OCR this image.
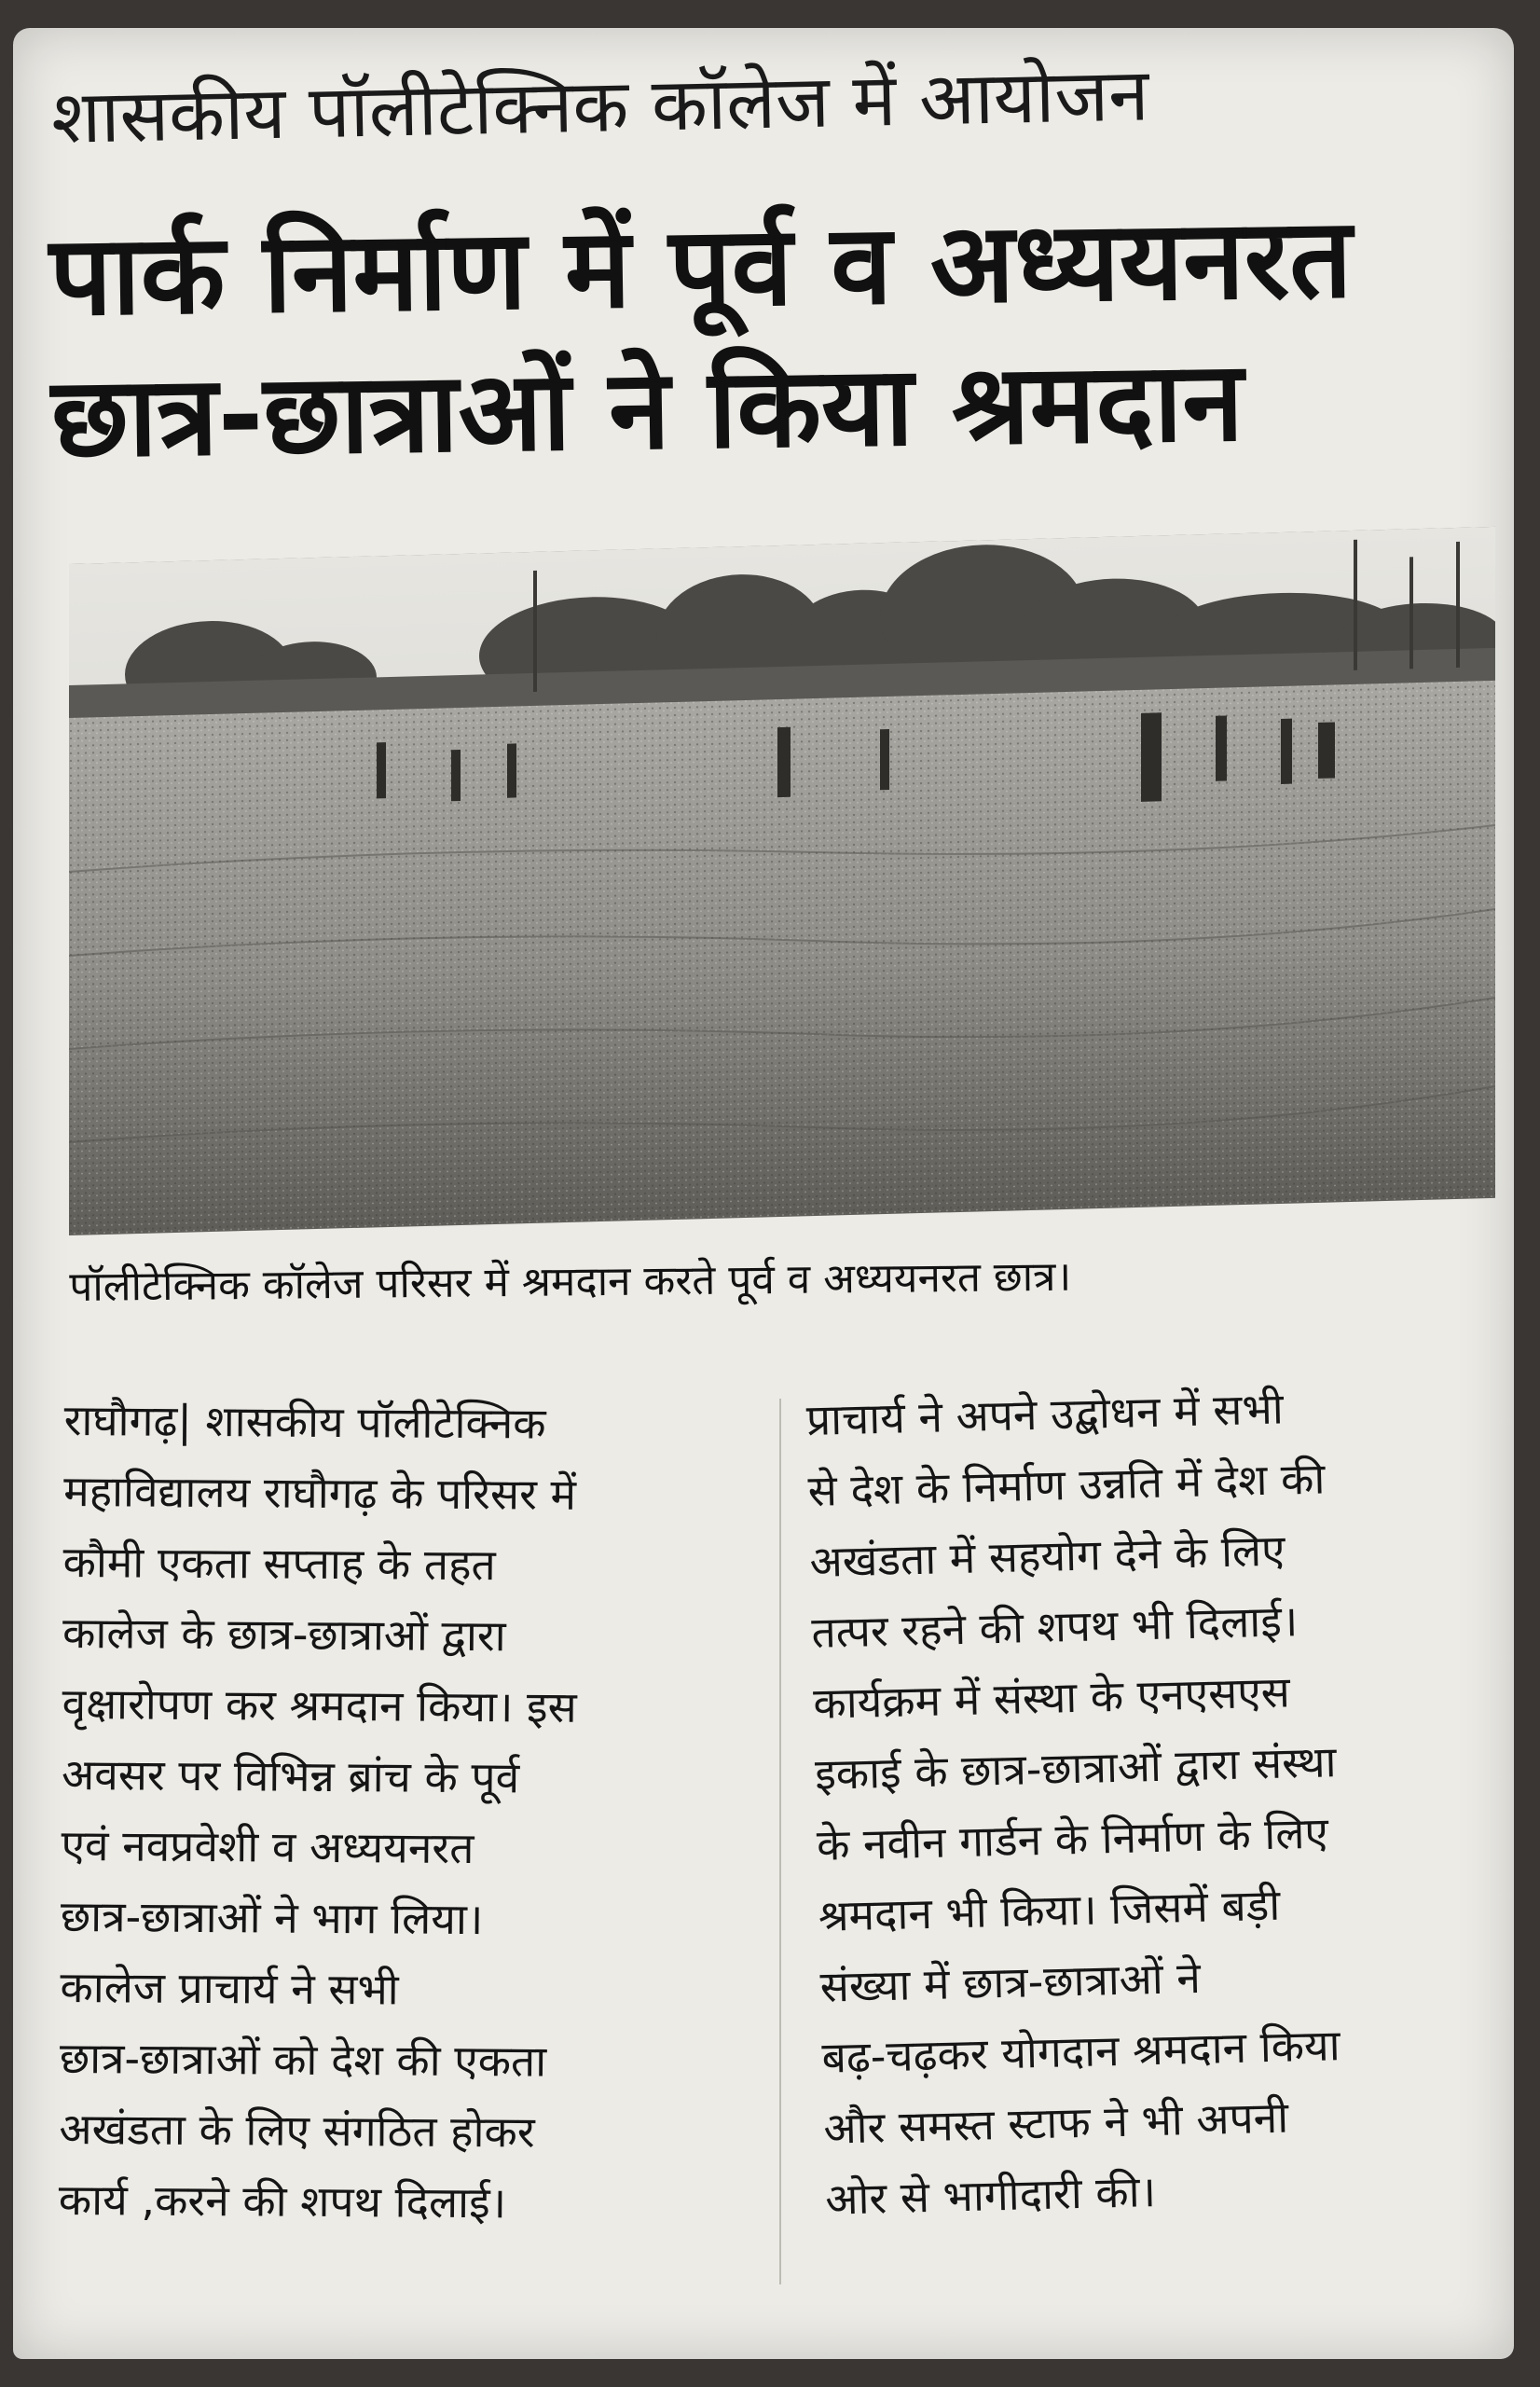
शासकीय पॉलीटेक्निक कॉलेज में आयोजन
पार्क निर्माण में पूर्व व अध्ययनरत
छात्र-छात्राओं ने किया श्रमदान
पॉलीटेक्निक कॉलेज परिसर में श्रमदान करते पूर्व व अध्ययनरत छात्र।
राघौगढ़| शासकीय पॉलीटेक्निक
महाविद्यालय राघौगढ़ के परिसर में
कौमी एकता सप्ताह के तहत
कालेज के छात्र-छात्राओं द्वारा
वृक्षारोपण कर श्रमदान किया। इस
अवसर पर विभिन्न ब्रांच के पूर्व
एवं नवप्रवेशी व अध्ययनरत
छात्र-छात्राओं ने भाग लिया।
कालेज प्राचार्य ने सभी
छात्र-छात्राओं को देश की एकता
अखंडता के लिए संगठित होकर
कार्य ,करने की शपथ दिलाई।
प्राचार्य ने अपने उद्बोधन में सभी
से देश के निर्माण उन्नति में देश की
अखंडता में सहयोग देने के लिए
तत्पर रहने की शपथ भी दिलाई।
कार्यक्रम में संस्था के एनएसएस
इकाई के छात्र-छात्राओं द्वारा संस्था
के नवीन गार्डन के निर्माण के लिए
श्रमदान भी किया। जिसमें बड़ी
संख्या में छात्र-छात्राओं ने
बढ़-चढ़कर योगदान श्रमदान किया
और समस्त स्टाफ ने भी अपनी
ओर से भागीदारी की।
